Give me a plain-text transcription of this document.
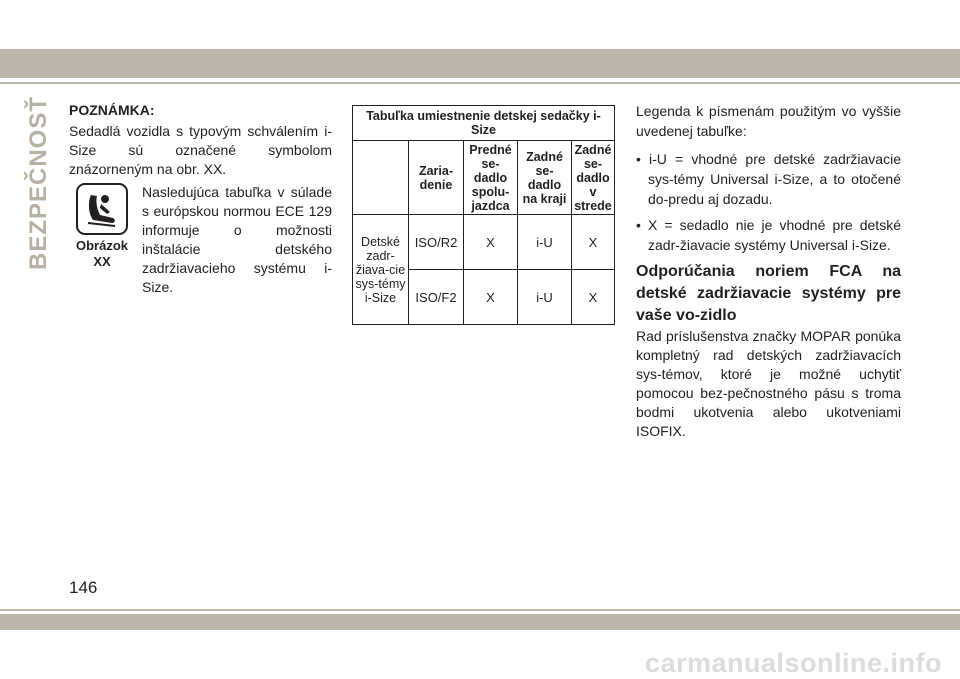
BEZPEČNOSŤ POZNÁMKA:

Sedadlá vozidla s typovým schválením i-Size sú označené symbolom znázorneným na obr. XX.

Obrázok XX

Nasledujúca tabuľka v súlade s európskou normou ECE 129 informuje o možnosti inštalácie detského zadržiavacieho systému i-Size.

Tabuľka umiestnenie detskej sedačky i-Size				
	Zaria-denie	Predné se-dadlo spolu-jazdca	Zadné se-dadlo na kraji	Zadné se-dadlo v strede
Detské zadr-žiava-cie sys-témy i-Size	ISO/R2	X	i-U	X
	ISO/F2	X	i-U	X

Legenda k písmenám použitým vo vyššie uvedenej tabuľke:

• i-U = vhodné pre detské zadržiavacie sys-témy Universal i-Size, a to otočené do-predu aj dozadu.

• X = sedadlo nie je vhodné pre detské zadr-žiavacie systémy Universal i-Size.

Odporúčania noriem FCA na detské zadržiavacie systémy pre vaše vo-zidlo

Rad príslušenstva značky MOPAR ponúka kompletný rad detských zadržiavacích sys-témov, ktoré je možné uchytiť pomocou bez-pečnostného pásu s troma bodmi ukotvenia alebo ukotveniami ISOFIX.

146
carmanualsonline.info
